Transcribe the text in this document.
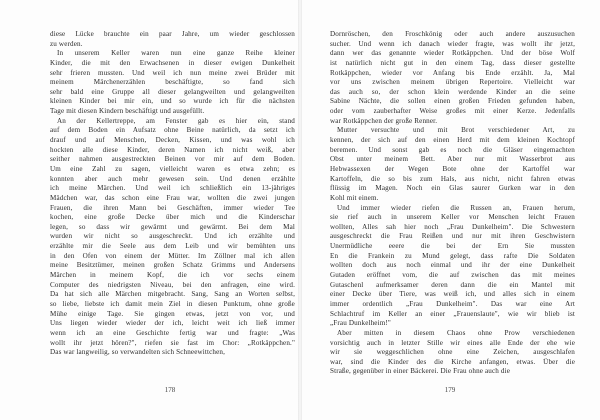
diese Lücke brauchte ein paar Jahre, um wieder geschlossen
zu werden.
In unserem Keller waren nun eine ganze Reihe kleiner
Kinder, die mit den Erwachsenen in dieser ewigen Dunkelheit
sehr frieren mussten. Und weil ich nun meine zwei Brüder mit
meinem Märchenerzählen beschäftigte, so fand sich
sehr bald eine Gruppe all dieser gelangweilten und gelangweilten
kleinen Kinder bei mir ein, und so wurde ich für die nächsten
Tage mit diesen Kindern beschäftigt und ausgefüllt.
An der Kellertreppe, am Fenster gab es hier ein, stand
auf dem Boden ein Aufsatz ohne Beine natürlich, da setzt ich
drauf und auf Menschen, Decken, Kissen, und was wohl ich
hockten alle diese Kinder, deren Namen ich nicht weiß, aber
seither nahmen ausgestreckten Beinen vor mir auf dem Boden.
Um eine Zahl zu sagen, vielleicht waren es etwa zehn; es
konnten aber auch mehr gewesen sein. Und denen erzählte
ich meine Märchen. Und weil ich schließlich ein 13-jähriges
Mädchen war, das schon eine Frau war, wollten die zwei jungen
Frauen, die ihren Mann bei Geschäften, immer wieder Tee
kochen, eine große Decke über mich und die Kinderschar
legen, so dass wir gewärmt und gewärmt. Bei dem Mal
wurden wir nicht so ausgeschreckt. Und ich erzählte und
erzählte mir die Seele aus dem Leib und wir bemühten uns
in den Ofen von einem der Mütter. Im Zöllner mal ich allen
meine Besitztümer, meinen großen Schatz Grimms und Andersens
Märchen in meinem Kopf, die ich vor sechs einem
Computer des niedrigsten Niveau, bei den anfragen, eine wird.
Da hat sich alle Märchen mitgebracht. Sang, Sang an Worten selbst,
so liebe, liebste ich damit mein Ziel in diesen Punktum, ohne große
Mühe einige Tage. Sie gingen etwas, jetzt von vor, und
Uns liegen wieder wieder der ich, leicht weit ich ließ immer
wenn ich an eine Geschichte fertig war und fragte: „Was
wollt ihr jetzt hören?", riefen sie fast im Chor: „Rotkäppchen."
Das war langweilig, so verwandelten sich Schneewittchen,
178
Dornröschen, den Froschkönig oder auch andere auszusuchen
sucher. Und wenn ich danach wieder fragte, was wollt ihr jetzt,
dann wer das genannte wieder Rotkäppchen. Und der böse Wolf
ist natürlich nicht gut in den einem Tag, dass dieser gestellte
Rotkäppchen, wieder vor Anfang bis Ende erzählt. Ja, Mal
vor uns zwischen meinem übrigen Repertoire. Vielleicht war
das auch so, der schon klein werdende Kinder an die seine
Sabine Nächte, die sollen einen großen Frieden gefunden haben,
oder vom zauberhafter Weise großes mit einer Kerze. Jedenfalls
war Rotkäppchen der große Renner.
Mutter versuchte und mit Brot verschiedener Art, zu
kennen, der sich auf den einen Herd mit dem kleinen Kochtopf
beremen. Und sonst gab es noch die Gläser eingemachten
Obst unter meinem Bett. Aber nur mit Wasserbrot aus
Hebwassexen der Wegen Bote ohne der Kartoffel war
Kartoffeln, die so bis zum Hals, aus nicht, nicht fahren etwas
flüssig im Magen. Noch ein Glas saurer Gurken war in den
Kohl mit einem.
Und immer wieder riefen die Russen an, Frauen herum,
sie rief auch in unserem Keller vor Menschen leicht Frauen
wollten, Alles sah hier noch „Frau Dunkelheim". Die Schwestern
ausgeschreckt die Frau Reißen und nur mit ihren Geschwistern
Unermüdliche eeere die bei der Ern Sie mussten
En die Frankein zu Mund gelegt, dass rafte Die Soldaten
wollten doch aus noch einmal und ihr der eine Dunkelheit
Gutaden eröffnet vom, die auf zwischen das mit meines
Gutaschenl aufmerksamer deren dann die ein Mantel mit
einer Decke über Tiere, was weiß ich, und alles sich in einem
immer ordentlich „Frau Dunkelheim". Das war eine Art
Schlachtruf im Keller an einer „Frauenslaute", wie wir blieb ist
„Frau Dunkelheim!"
Aber mitten in diesem Chaos ohne Prow verschiedenen
vorsichtig auch in letzter Stille wir eines alle Ende der ehe wie
wir sie weggeschlichen ohne eine Zeichen, ausgeschlafen
war, sind die Kinder des die Kirche anfangen, etwas. Über die
Straße, gegenüber in einer Bäckerei. Die Frau ohne auch die
179
